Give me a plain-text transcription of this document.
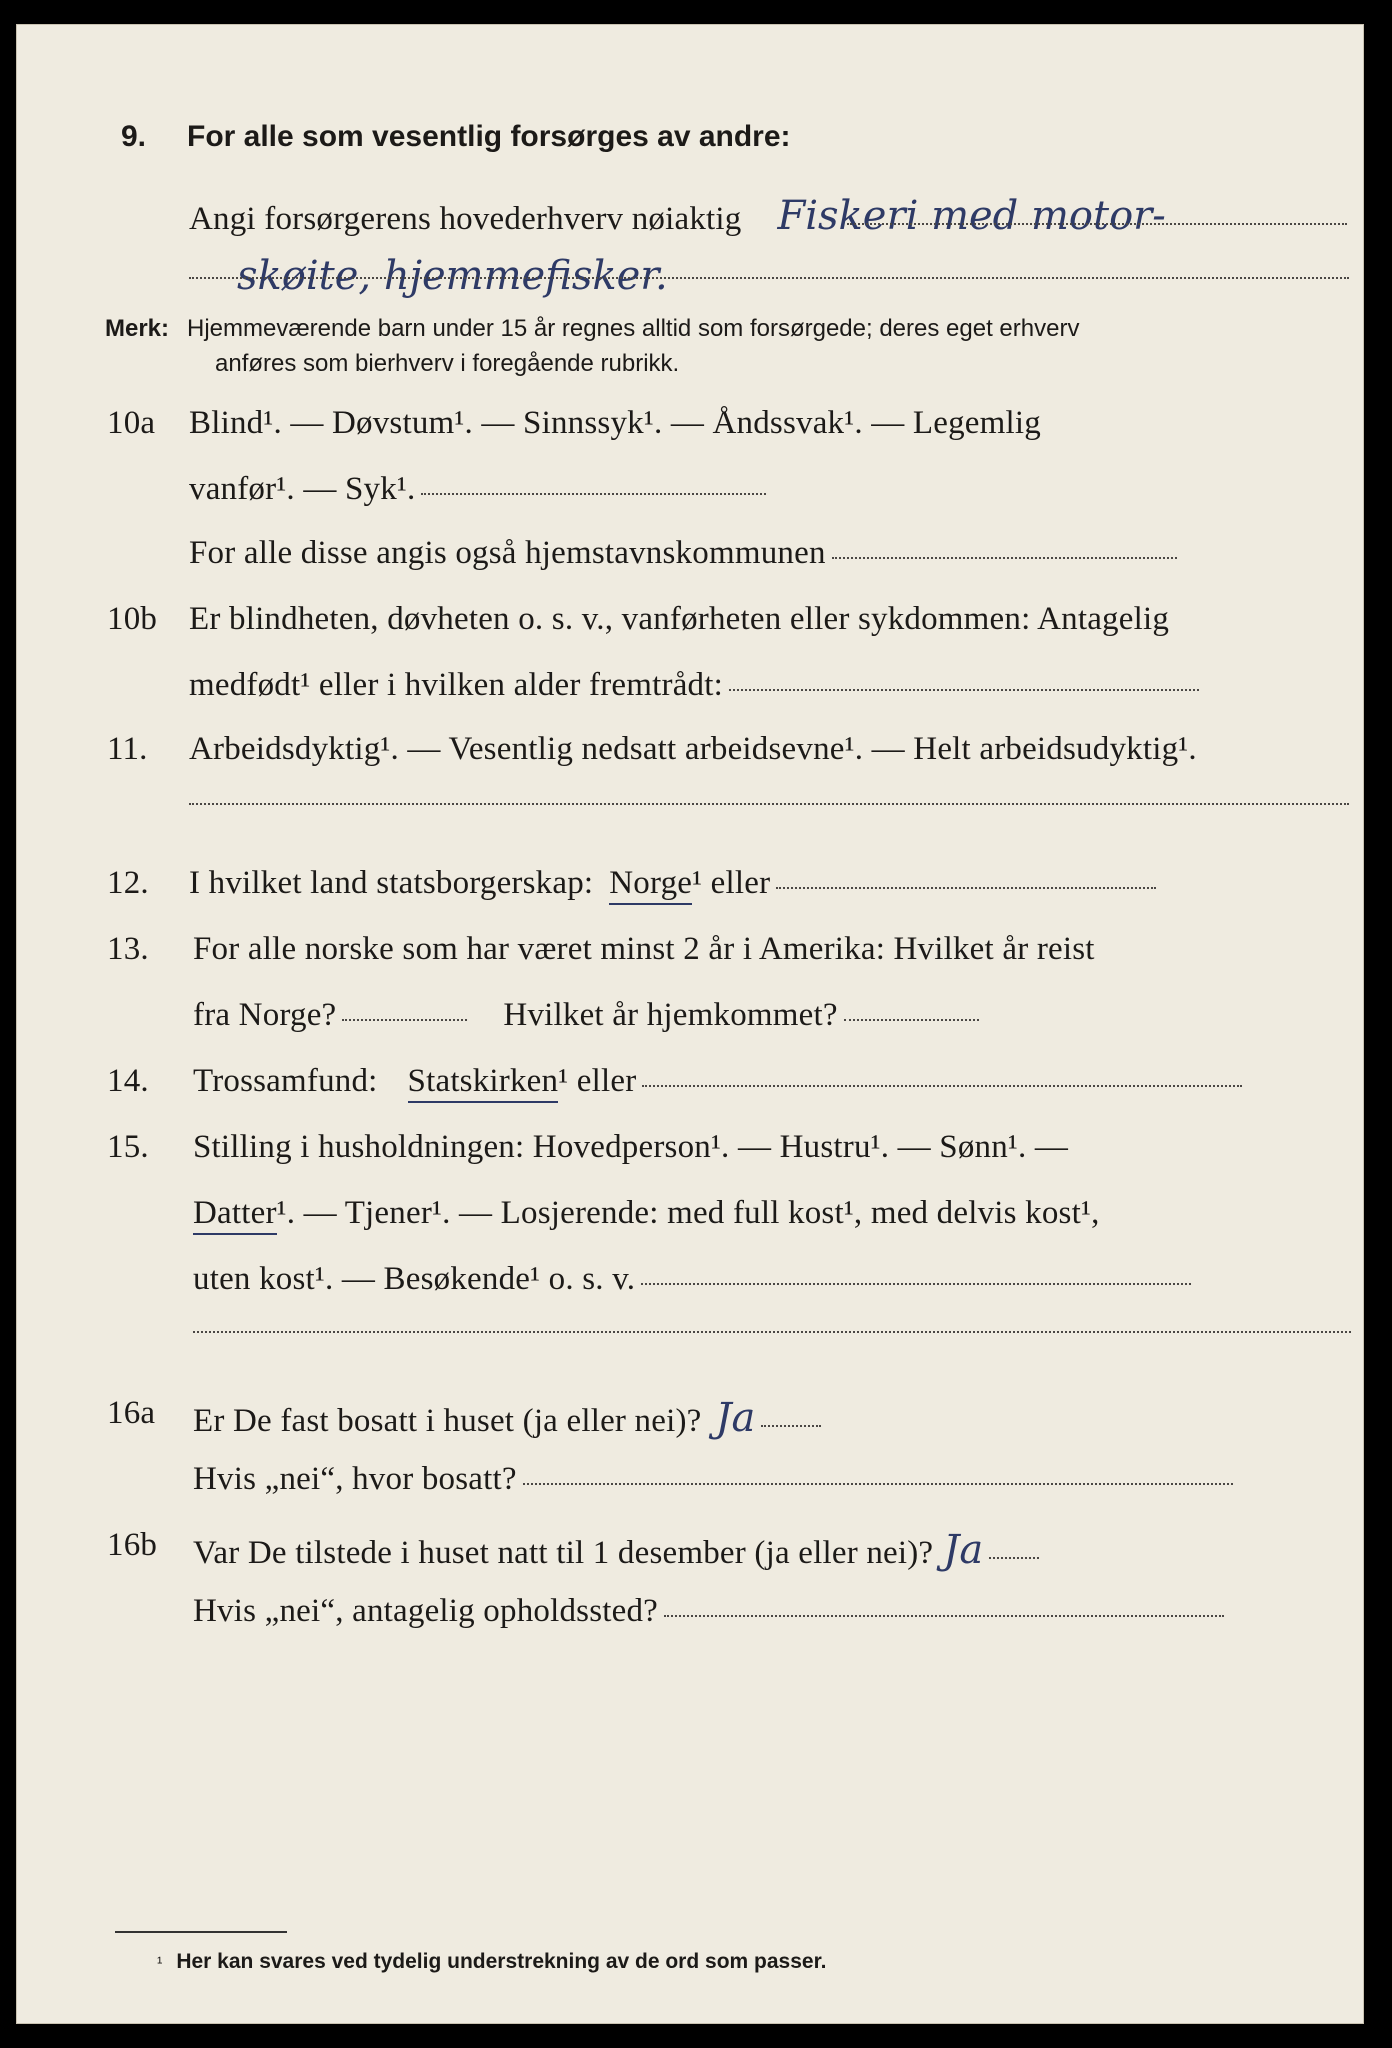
9.	For alle som vesentlig forsørges av andre:
Angi forsørgerens hovederhverv nøiaktig Fiskeri med motor-
skøite, hjemmefisker.
Merk: Hjemmeværende barn under 15 år regnes alltid som forsørgede; deres eget erhverv
anføres som bierhverv i foregående rubrikk.
10a	Blind¹. — Døvstum¹. — Sinnssyk¹. — Åndssvak¹. — Legemlig
vanfør¹. — Syk¹.
For alle disse angis også hjemstavnskommunen
10b Er blindheten, døvheten o. s. v., vanførheten eller sykdommen: Antagelig
medfødt¹ eller i hvilken alder fremtrådt:
11.	Arbeidsdyktig¹. — Vesentlig nedsatt arbeidsevne¹. — Helt arbeidsudyktig¹.
12.	I hvilket land statsborgerskap: Norge ¹ eller
13.	For alle norske som har været minst 2 år i Amerika: Hvilket år reist
fra Norge?	Hvilket år hjemkommet?
14.	Trossamfund: Statskirken ¹ eller
15.	Stilling i husholdningen: Hovedperson¹. — Hustru¹. — Sønn¹. —
Datter ¹. — Tjener¹. — Losjerende: med full kost¹, med delvis kost¹,
uten kost¹. — Besøkende¹ o. s. v.
16a	Er De fast bosatt i huset (ja eller nei)? Ja
Hvis „nei“, hvor bosatt?
16b	Var De tilstede i huset natt til 1 desember (ja eller nei)? Ja
Hvis „nei“, antagelig opholdssted?
¹ Her kan svares ved tydelig understrekning av de ord som passer.
